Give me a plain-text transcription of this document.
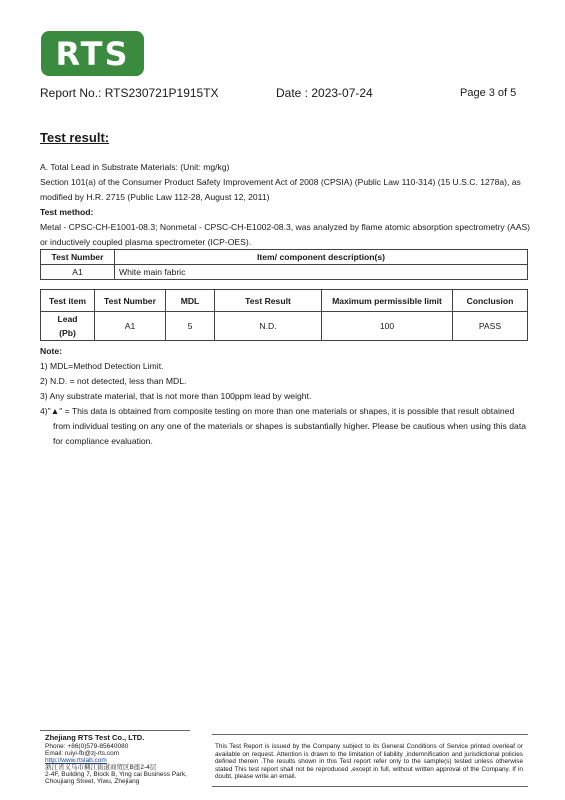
RTS
Report No.: RTS230721P1915TX	Date : 2023-07-24	Page 3 of 5
Test result:
A. Total Lead in Substrate Materials: (Unit: mg/kg)
Section 101(a) of the Consumer Product Safety Improvement Act of 2008 (CPSIA) (Public Law 110-314) (15 U.S.C. 1278a), as
modified by H.R. 2715 (Public Law 112-28, August 12, 2011)
Test method:
Metal - CPSC-CH-E1001-08.3; Nonmetal - CPSC-CH-E1002-08.3, was analyzed by flame atomic absorption spectrometry (AAS)
or inductively coupled plasma spectrometer (ICP-OES).
Test Number	Item/ component description(s)
A1	White main fabric
Test item	Test Number	MDL	Test Result	Maximum permissible limit	Conclusion

Lead
(Pb)	A1	5	N.D.	100	PASS

Note:

1) MDL=Method Detection Limit.

2) N.D. = not detected, less than MDL.

3) Any substrate material, that is not more than 100ppm lead by weight.

4)"▲" = This data is obtained from composite testing on more than one materials or shapes, it is possible that result obtained

from individual testing on any one of the materials or shapes is substantially higher. Please be cautious when using this data for compliance evaluation.

Zhejiang RTS Test Co., LTD.
Phone: +86(0)579-85640080
Email: ruiyi-fb@zj-rts.com
http://www.rtslab.com
浙江省义乌市稠江街道商贸区B座2-4层
2-4F, Building 7, Block B, Ying cai Business Park,
Choujiang Street, Yiwu, Zhejiang
This Test Report is issued by the Company subject to its General Conditions of Service printed overleaf or available on request. Attention is drawn to the limitation of liability ,indemnification and jurisdictional policies defined therein .The results shown in this Test report refer only to the sample(s) tested unless otherwise stated This test report shall not be reproduced ,except in full, without written approval of the Company. If in doubt, please write an email.
